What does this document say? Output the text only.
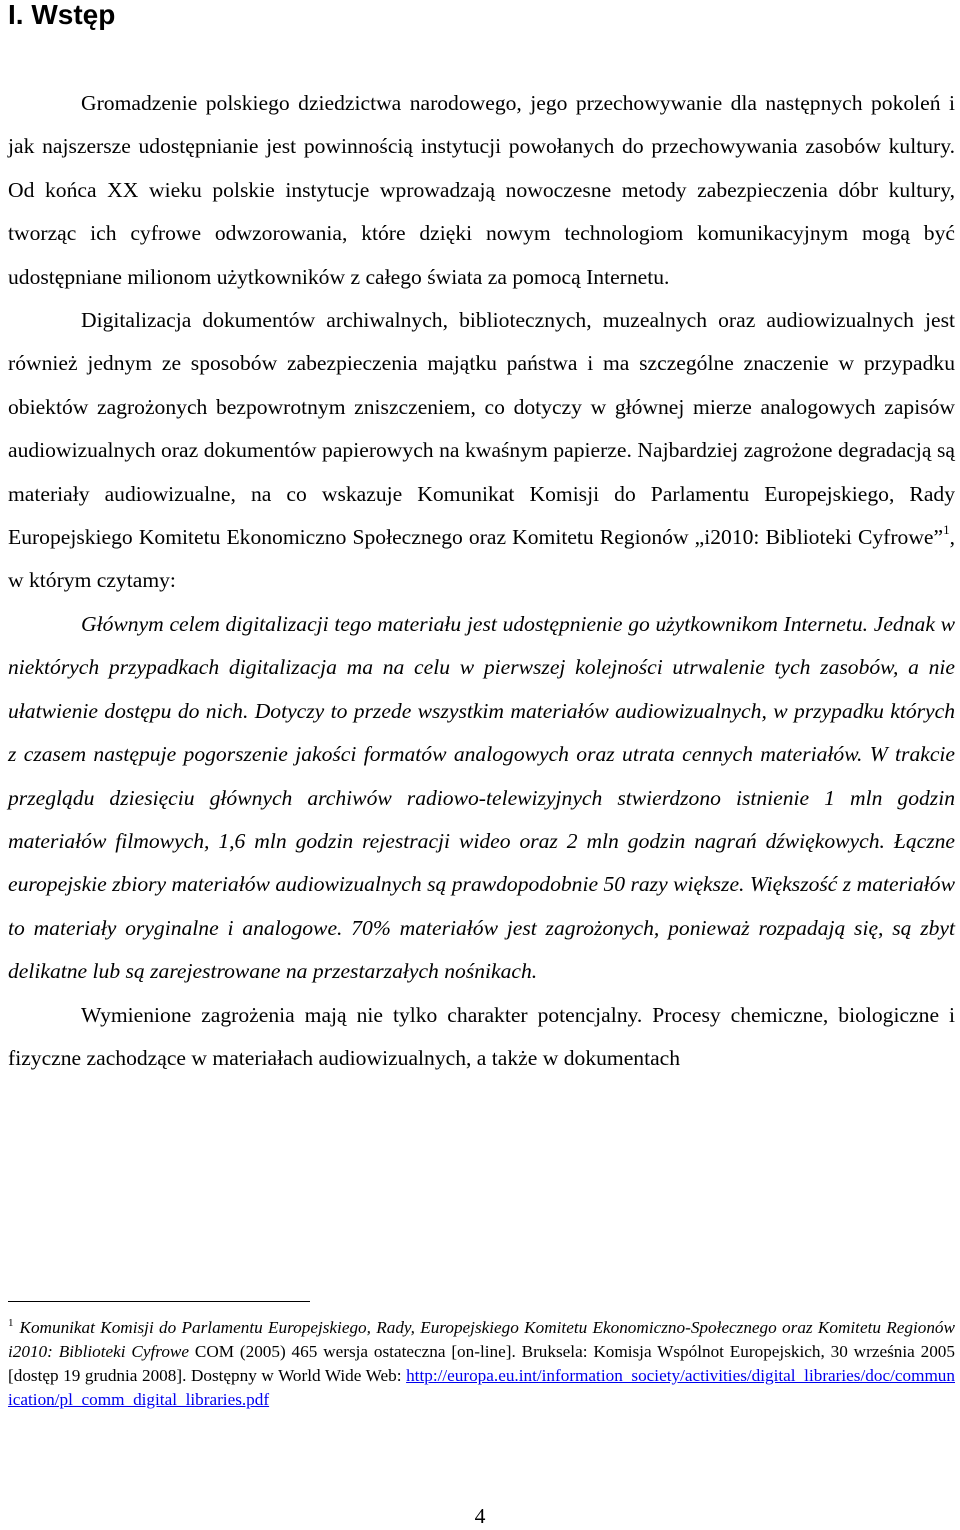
I. Wstęp

Gromadzenie polskiego dziedzictwa narodowego, jego przechowywanie dla następnych pokoleń i jak najszersze udostępnianie jest powinnością instytucji powołanych do przechowywania zasobów kultury. Od końca XX wieku polskie instytucje wprowadzają nowoczesne metody zabezpieczenia dóbr kultury, tworząc ich cyfrowe odwzorowania, które dzięki nowym technologiom komunikacyjnym mogą być udostępniane milionom użytkowników z całego świata za pomocą Internetu.

Digitalizacja dokumentów archiwalnych, bibliotecznych, muzealnych oraz audiowizualnych jest również jednym ze sposobów zabezpieczenia majątku państwa i ma szczególne znaczenie w przypadku obiektów zagrożonych bezpowrotnym zniszczeniem, co dotyczy w głównej mierze analogowych zapisów audiowizualnych oraz dokumentów papierowych na kwaśnym papierze. Najbardziej zagrożone degradacją są materiały audiowizualne, na co wskazuje Komunikat Komisji do Parlamentu Europejskiego, Rady Europejskiego Komitetu Ekonomiczno Społecznego oraz Komitetu Regionów „i2010: Biblioteki Cyfrowe”$^1$, w którym czytamy:

Głównym celem digitalizacji tego materiału jest udostępnienie go użytkownikom Internetu. Jednak w niektórych przypadkach digitalizacja ma na celu w pierwszej kolejności utrwalenie tych zasobów, a nie ułatwienie dostępu do nich. Dotyczy to przede wszystkim materiałów audiowizualnych, w przypadku których z czasem następuje pogorszenie jakości formatów analogowych oraz utrata cennych materiałów. W trakcie przeglądu dziesięciu głównych archiwów radiowo-telewizyjnych stwierdzono istnienie 1 mln godzin materiałów filmowych, 1,6 mln godzin rejestracji wideo oraz 2 mln godzin nagrań dźwiękowych. Łączne europejskie zbiory materiałów audiowizualnych są prawdopodobnie 50 razy większe. Większość z materiałów to materiały oryginalne i analogowe. 70% materiałów jest zagrożonych, ponieważ rozpadają się, są zbyt delikatne lub są zarejestrowane na przestarzałych nośnikach.

Wymienione zagrożenia mają nie tylko charakter potencjalny. Procesy chemiczne, biologiczne i fizyczne zachodzące w materiałach audiowizualnych, a także w dokumentach

$^1$ Komunikat Komisji do Parlamentu Europejskiego, Rady, Europejskiego Komitetu Ekonomiczno-Społecznego oraz Komitetu Regionów i2010: Biblioteki Cyfrowe COM (2005) 465 wersja ostateczna [on-line]. Bruksela: Komisja Wspólnot Europejskich, 30 września 2005 [dostęp 19 grudnia 2008]. Dostępny w World Wide Web: http://europa.eu.int/information_society/activities/digital_libraries/doc/communication/pl_comm_digital_libraries.pdf
4
